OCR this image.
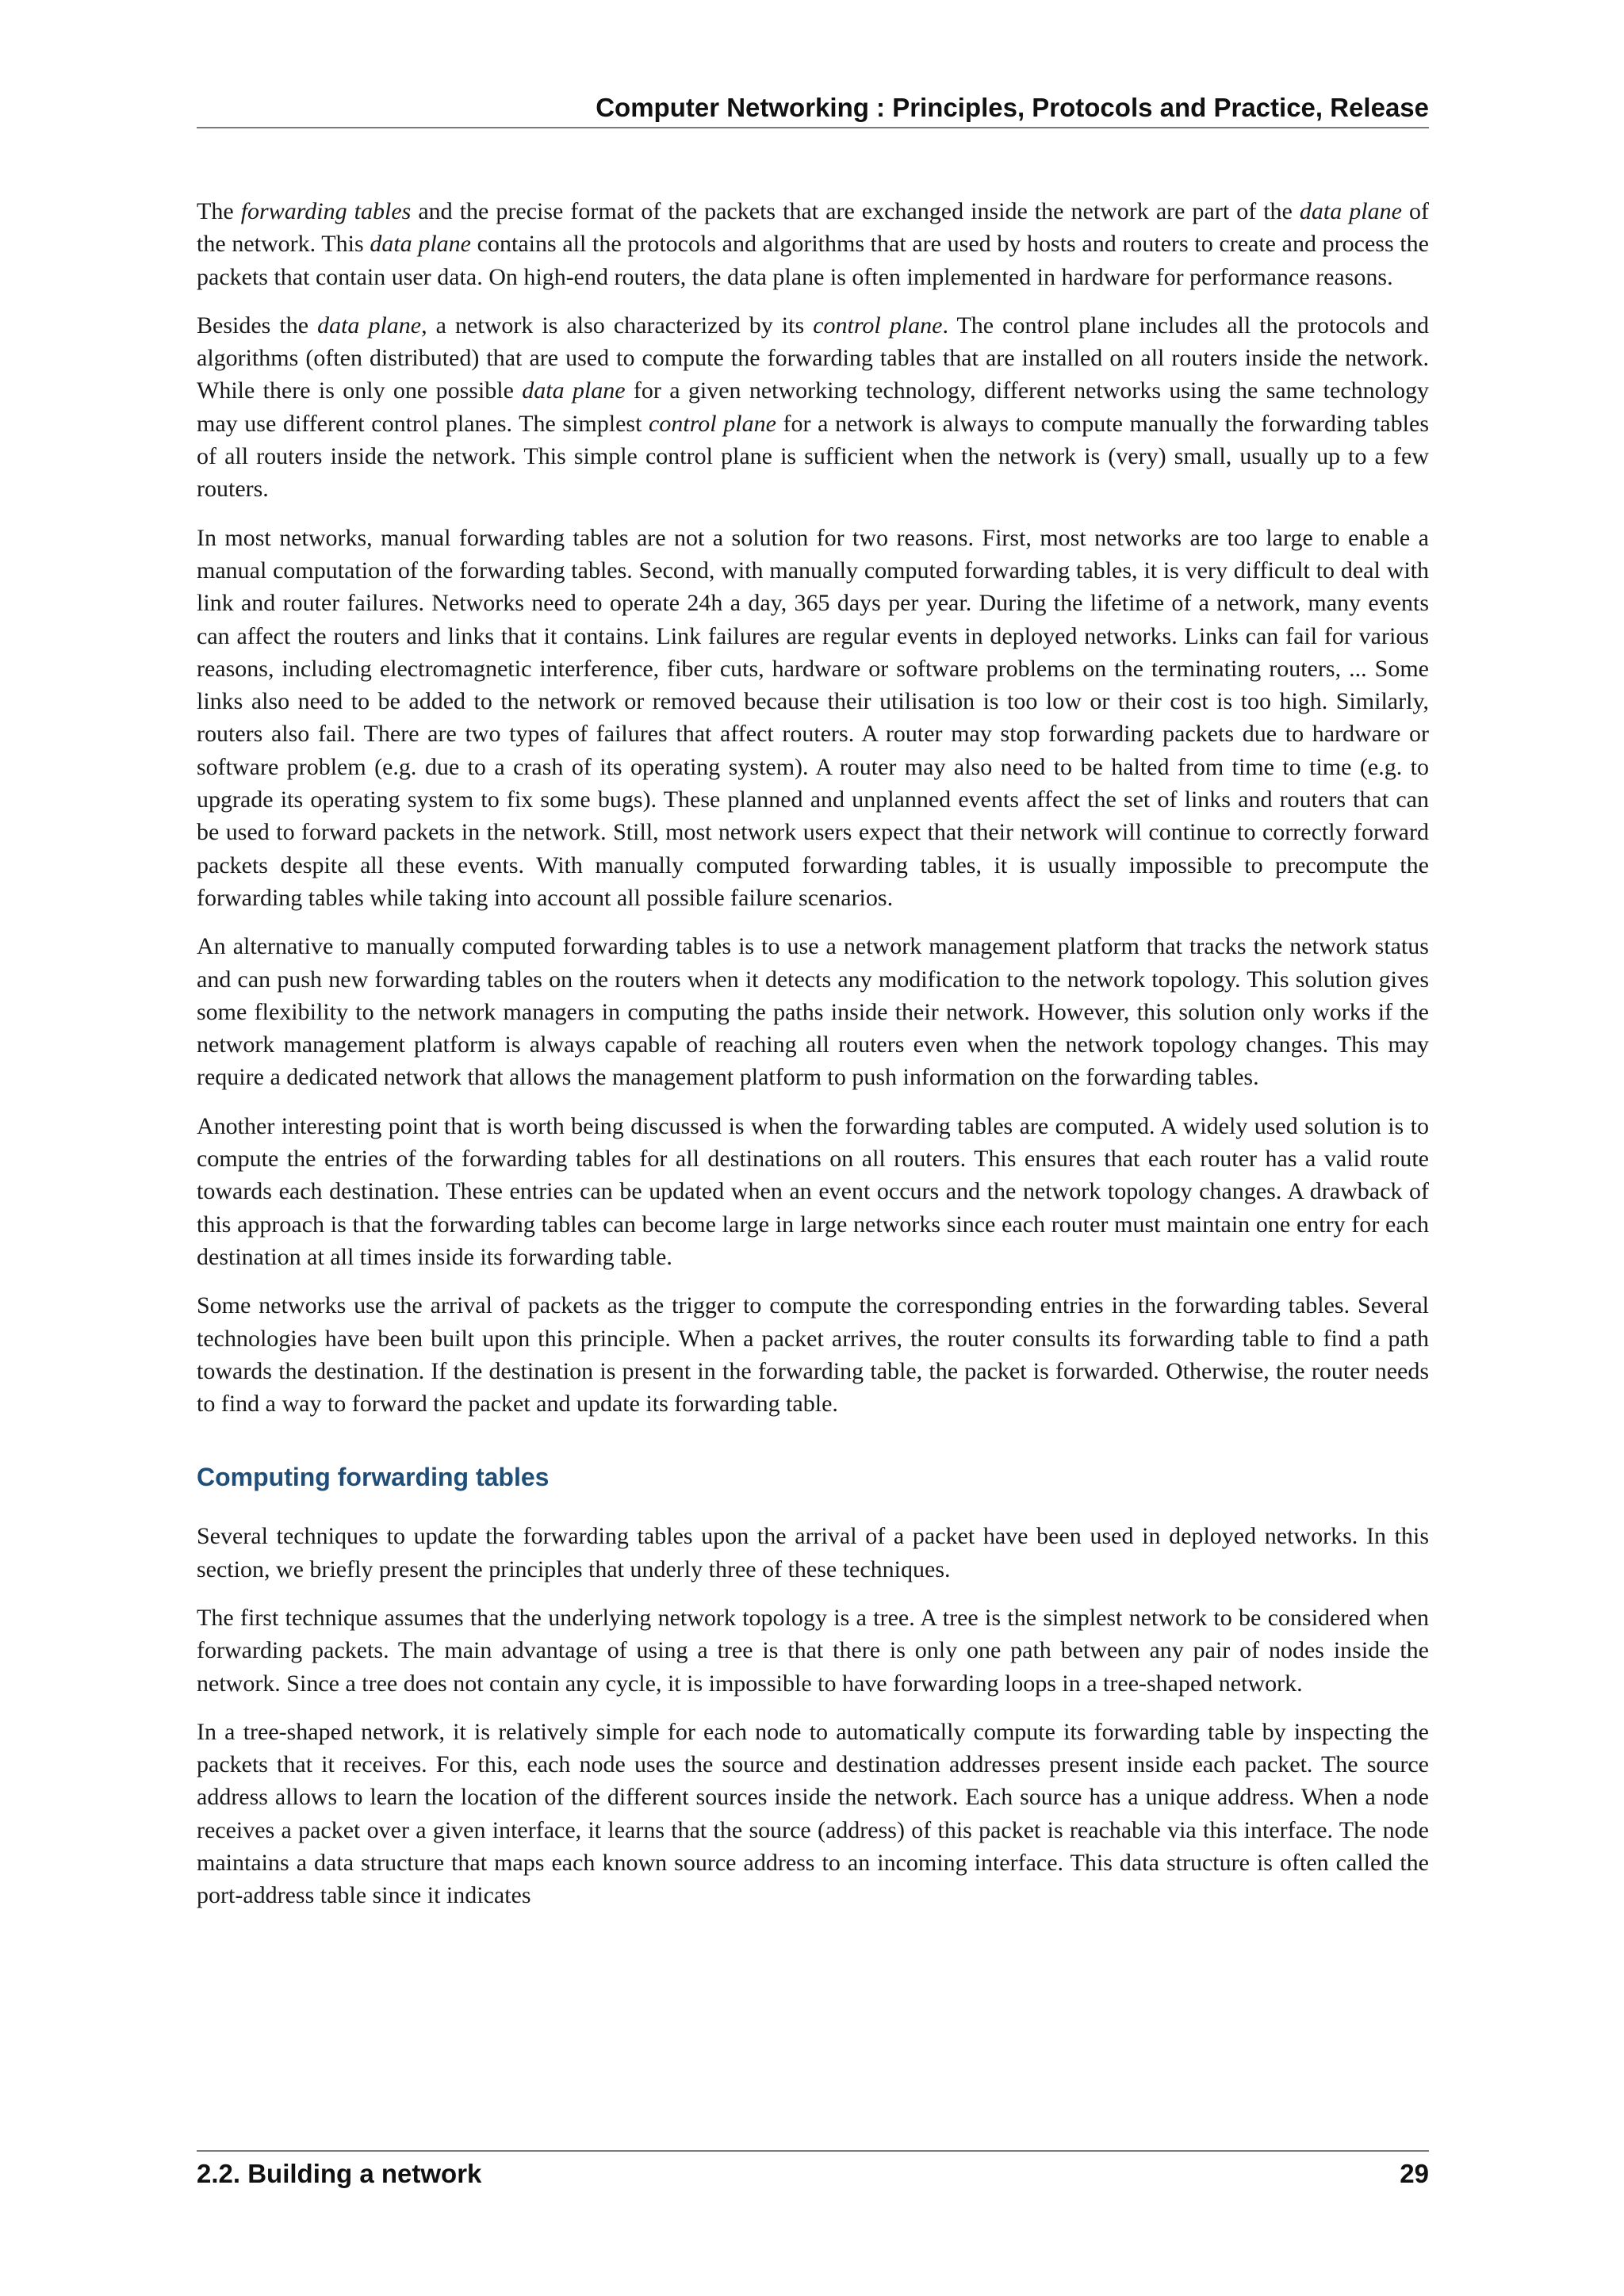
Computer Networking : Principles, Protocols and Practice, Release

The forwarding tables and the precise format of the packets that are exchanged inside the network are part of the data plane of the network. This data plane contains all the protocols and algorithms that are used by hosts and routers to create and process the packets that contain user data. On high-end routers, the data plane is often implemented in hardware for performance reasons.

Besides the data plane, a network is also characterized by its control plane. The control plane includes all the protocols and algorithms (often distributed) that are used to compute the forwarding tables that are installed on all routers inside the network. While there is only one possible data plane for a given networking technology, different networks using the same technology may use different control planes. The simplest control plane for a network is always to compute manually the forwarding tables of all routers inside the network. This simple control plane is sufficient when the network is (very) small, usually up to a few routers.

In most networks, manual forwarding tables are not a solution for two reasons. First, most networks are too large to enable a manual computation of the forwarding tables. Second, with manually computed forwarding tables, it is very difficult to deal with link and router failures. Networks need to operate 24h a day, 365 days per year. During the lifetime of a network, many events can affect the routers and links that it contains. Link failures are regular events in deployed networks. Links can fail for various reasons, including electromagnetic interference, fiber cuts, hardware or software problems on the terminating routers, ... Some links also need to be added to the network or removed because their utilisation is too low or their cost is too high. Similarly, routers also fail. There are two types of failures that affect routers. A router may stop forwarding packets due to hardware or software problem (e.g. due to a crash of its operating system). A router may also need to be halted from time to time (e.g. to upgrade its operating system to fix some bugs). These planned and unplanned events affect the set of links and routers that can be used to forward packets in the network. Still, most network users expect that their network will continue to correctly forward packets despite all these events. With manually computed forwarding tables, it is usually impossible to precompute the forwarding tables while taking into account all possible failure scenarios.

An alternative to manually computed forwarding tables is to use a network management platform that tracks the network status and can push new forwarding tables on the routers when it detects any modification to the network topology. This solution gives some flexibility to the network managers in computing the paths inside their network. However, this solution only works if the network management platform is always capable of reaching all routers even when the network topology changes. This may require a dedicated network that allows the management platform to push information on the forwarding tables.

Another interesting point that is worth being discussed is when the forwarding tables are computed. A widely used solution is to compute the entries of the forwarding tables for all destinations on all routers. This ensures that each router has a valid route towards each destination. These entries can be updated when an event occurs and the network topology changes. A drawback of this approach is that the forwarding tables can become large in large networks since each router must maintain one entry for each destination at all times inside its forwarding table.

Some networks use the arrival of packets as the trigger to compute the corresponding entries in the forwarding tables. Several technologies have been built upon this principle. When a packet arrives, the router consults its forwarding table to find a path towards the destination. If the destination is present in the forwarding table, the packet is forwarded. Otherwise, the router needs to find a way to forward the packet and update its forwarding table.

Computing forwarding tables

Several techniques to update the forwarding tables upon the arrival of a packet have been used in deployed networks. In this section, we briefly present the principles that underly three of these techniques.

The first technique assumes that the underlying network topology is a tree. A tree is the simplest network to be considered when forwarding packets. The main advantage of using a tree is that there is only one path between any pair of nodes inside the network. Since a tree does not contain any cycle, it is impossible to have forwarding loops in a tree-shaped network.

In a tree-shaped network, it is relatively simple for each node to automatically compute its forwarding table by inspecting the packets that it receives. For this, each node uses the source and destination addresses present inside each packet. The source address allows to learn the location of the different sources inside the network. Each source has a unique address. When a node receives a packet over a given interface, it learns that the source (address) of this packet is reachable via this interface. The node maintains a data structure that maps each known source address to an incoming interface. This data structure is often called the port-address table since it indicates

2.2. Building a network	29
